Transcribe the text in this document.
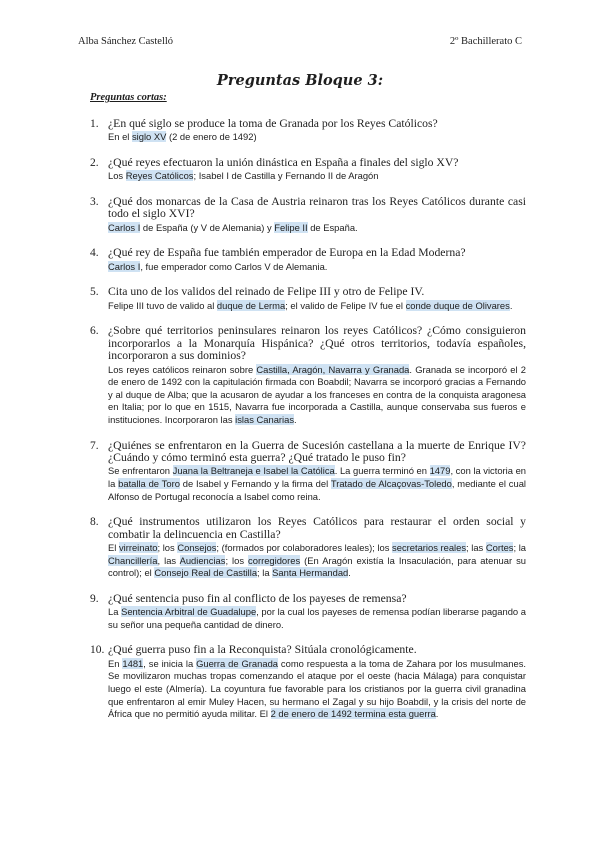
Alba Sánchez Castelló	2º Bachillerato C
Preguntas Bloque 3:
Preguntas cortas:
1. ¿En qué siglo se produce la toma de Granada por los Reyes Católicos?
En el siglo XV (2 de enero de 1492)
2. ¿Qué reyes efectuaron la unión dinástica en España a finales del siglo XV?
Los Reyes Católicos; Isabel I de Castilla y Fernando II de Aragón
3. ¿Qué dos monarcas de la Casa de Austria reinaron tras los Reyes Católicos durante casi todo el siglo XVI?
Carlos I de España (y V de Alemania) y Felipe II de España.
4. ¿Qué rey de España fue también emperador de Europa en la Edad Moderna?
Carlos I, fue emperador como Carlos V de Alemania.
5. Cita uno de los validos del reinado de Felipe III y otro de Felipe IV.
Felipe III tuvo de valido al duque de Lerma; el valido de Felipe IV fue el conde duque de Olivares.
6. ¿Sobre qué territorios peninsulares reinaron los reyes Católicos? ¿Cómo consiguieron incorporarlos a la Monarquía Hispánica? ¿Qué otros territorios, todavía españoles, incorporaron a sus dominios?
Los reyes católicos reinaron sobre Castilla, Aragón, Navarra y Granada. Granada se incorporó el 2 de enero de 1492 con la capitulación firmada con Boabdil; Navarra se incorporó gracias a Fernando y al duque de Alba; que la acusaron de ayudar a los franceses en contra de la conquista aragonesa en Italia; por lo que en 1515, Navarra fue incorporada a Castilla, aunque conservaba sus fueros e instituciones. Incorporaron las islas Canarias.
7. ¿Quiénes se enfrentaron en la Guerra de Sucesión castellana a la muerte de Enrique IV? ¿Cuándo y cómo terminó esta guerra? ¿Qué tratado le puso fin?
Se enfrentaron Juana la Beltraneja e Isabel la Católica. La guerra terminó en 1479, con la victoria en la batalla de Toro de Isabel y Fernando y la firma del Tratado de Alcaçovas-Toledo, mediante el cual Alfonso de Portugal reconocía a Isabel como reina.
8. ¿Qué instrumentos utilizaron los Reyes Católicos para restaurar el orden social y combatir la delincuencia en Castilla?
El virreinato; los Consejos; (formados por colaboradores leales); los secretarios reales; las Cortes; la Chancillería, las Audiencias; los corregidores (En Aragón existía la Insaculación, para atenuar su control); el Consejo Real de Castilla; la Santa Hermandad.
9. ¿Qué sentencia puso fin al conflicto de los payeses de remensa?
La Sentencia Arbitral de Guadalupe, por la cual los payeses de remensa podían liberarse pagando a su señor una pequeña cantidad de dinero.
10. ¿Qué guerra puso fin a la Reconquista? Sitúala cronológicamente.
En 1481, se inicia la Guerra de Granada como respuesta a la toma de Zahara por los musulmanes. Se movilizaron muchas tropas comenzando el ataque por el oeste (hacia Málaga) para conquistar luego el este (Almería). La coyuntura fue favorable para los cristianos por la guerra civil granadina que enfrentaron al emir Muley Hacen, su hermano el Zagal y su hijo Boabdil, y la crisis del norte de África que no permitió ayuda militar. El 2 de enero de 1492 termina esta guerra.
